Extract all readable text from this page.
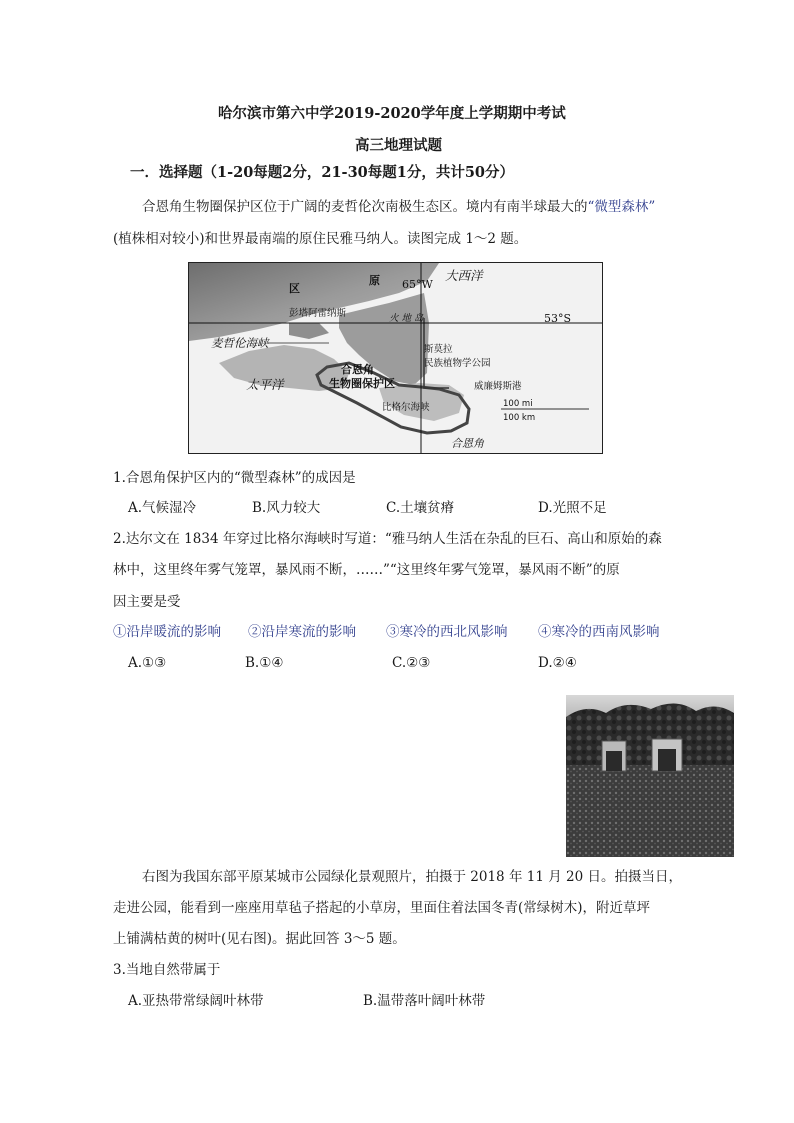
哈尔滨市第六中学2019-2020学年度上学期期中考试
高三地理试题
一．选择题（1-20每题2分，21-30每题1分，共计50分）
合恩角生物圈保护区位于广阔的麦哲伦次南极生态区。境内有南半球最大的“微型森林”
(植株相对较小)和世界最南端的原住民雅马纳人。读图完成 1～2 题。
区
原 65°W
大西洋
53°S
彭塔阿雷纳斯	火 地 岛
麦哲伦海峡
太平洋
合恩角
生物圈保护区
斯莫拉
民族植物学公园
威廉姆斯港
比格尔海峡
合恩角
100 mi
100 km
1.合恩角保护区内的“微型森林”的成因是
A.气候湿冷	B.风力较大	C.土壤贫瘠	D.光照不足
2.达尔文在 1834 年穿过比格尔海峡时写道：“雅马纳人生活在杂乱的巨石、高山和原始的森
林中，这里终年雾气笼罩，暴风雨不断，……”“这里终年雾气笼罩，暴风雨不断”的原
因主要是受
①沿岸暖流的影响 ②沿岸寒流的影响 ③寒冷的西北风影响 ④寒冷的西南风影响
A.①③	B.①④	C.②③	D.②④
右图为我国东部平原某城市公园绿化景观照片，拍摄于 2018 年 11 月 20 日。拍摄当日，
走进公园，能看到一座座用草毡子搭起的小草房，里面住着法国冬青(常绿树木)，附近草坪
上铺满枯黄的树叶(见右图)。据此回答 3～5 题。
3.当地自然带属于
A.亚热带常绿阔叶林带	B.温带落叶阔叶林带
